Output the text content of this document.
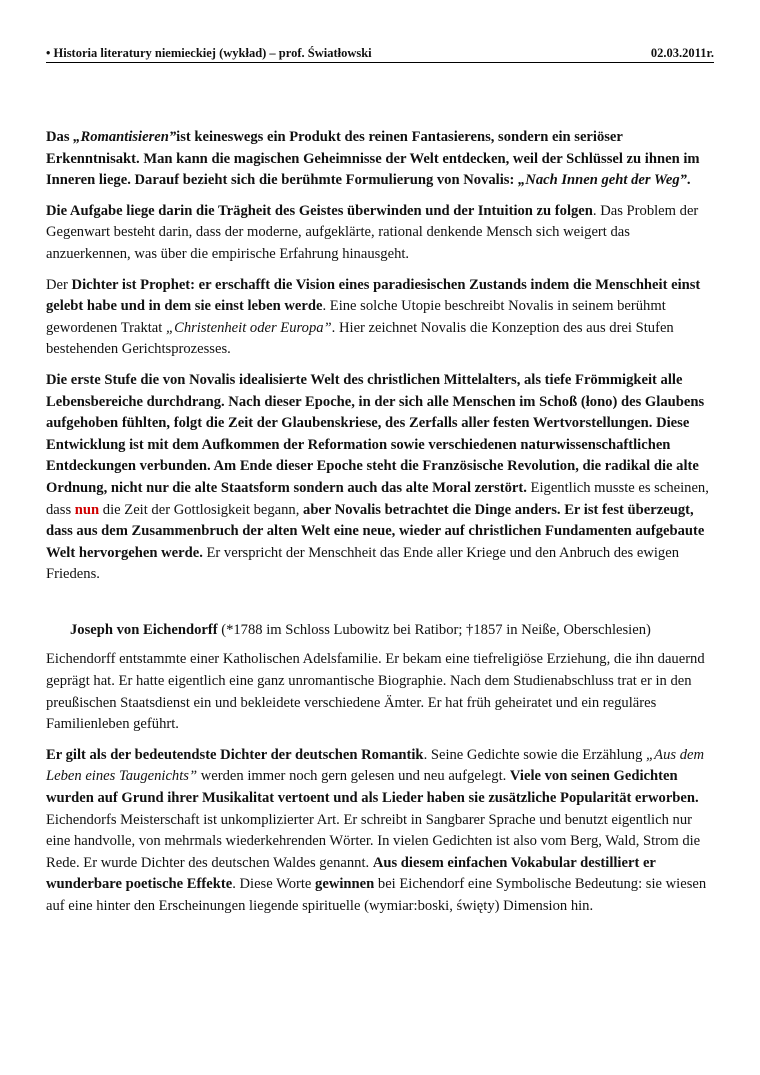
• Historia literatury niemieckiej (wykład) – prof. Światłowski	02.03.2011r.

Das „Romantisieren”ist keineswegs ein Produkt des reinen Fantasierens, sondern ein seriöser Erkenntnisakt. Man kann die magischen Geheimnisse der Welt entdecken, weil der Schlüssel zu ihnen im Inneren liege. Darauf bezieht sich die berühmte Formulierung von Novalis: „Nach Innen geht der Weg”.

Die Aufgabe liege darin die Trägheit des Geistes überwinden und der Intuition zu folgen. Das Problem der Gegenwart besteht darin, dass der moderne, aufgeklärte, rational denkende Mensch sich weigert das anzuerkennen, was über die empirische Erfahrung hinausgeht.

Der Dichter ist Prophet: er erschafft die Vision eines paradiesischen Zustands indem die Menschheit einst gelebt habe und in dem sie einst leben werde. Eine solche Utopie beschreibt Novalis in seinem berühmt gewordenen Traktat „Christenheit oder Europa”. Hier zeichnet Novalis die Konzeption des aus drei Stufen bestehenden Gerichtsprozesses.

Die erste Stufe die von Novalis idealisierte Welt des christlichen Mittelalters, als tiefe Frömmigkeit alle Lebensbereiche durchdrang. Nach dieser Epoche, in der sich alle Menschen im Schoß (łono) des Glaubens aufgehoben fühlten, folgt die Zeit der Glaubenskriese, des Zerfalls aller festen Wertvorstellungen. Diese Entwicklung ist mit dem Aufkommen der Reformation sowie verschiedenen naturwissenschaftlichen Entdeckungen verbunden. Am Ende dieser Epoche steht die Französische Revolution, die radikal die alte Ordnung, nicht nur die alte Staatsform sondern auch das alte Moral zerstört. Eigentlich musste es scheinen, dass nun die Zeit der Gottlosigkeit begann, aber Novalis betrachtet die Dinge anders. Er ist fest überzeugt, dass aus dem Zusammenbruch der alten Welt eine neue, wieder auf christlichen Fundamenten aufgebaute Welt hervorgehen werde. Er verspricht der Menschheit das Ende aller Kriege und den Anbruch des ewigen Friedens.

Joseph von Eichendorff (*1788 im Schloss Lubowitz bei Ratibor; †1857 in Neiße, Oberschlesien)

Eichendorff entstammte einer Katholischen Adelsfamilie. Er bekam eine tiefreligiöse Erziehung, die ihn dauernd geprägt hat. Er hatte eigentlich eine ganz unromantische Biographie. Nach dem Studienabschluss trat er in den preußischen Staatsdienst ein und bekleidete verschiedene Ämter. Er hat früh geheiratet und ein reguläres Familienleben geführt.

Er gilt als der bedeutendste Dichter der deutschen Romantik. Seine Gedichte sowie die Erzählung „Aus dem Leben eines Taugenichts” werden immer noch gern gelesen und neu aufgelegt. Viele von seinen Gedichten wurden auf Grund ihrer Musikalitat vertoent und als Lieder haben sie zusätzliche Popularität erworben. Eichendorfs Meisterschaft ist unkomplizierter Art. Er schreibt in Sangbarer Sprache und benutzt eigentlich nur eine handvolle, von mehrmals wiederkehrenden Wörter. In vielen Gedichten ist also vom Berg, Wald, Strom die Rede. Er wurde Dichter des deutschen Waldes genannt. Aus diesem einfachen Vokabular destilliert er wunderbare poetische Effekte. Diese Worte gewinnen bei Eichendorf eine Symbolische Bedeutung: sie wiesen auf eine hinter den Erscheinungen liegende spirituelle (wymiar:boski, święty) Dimension hin.
